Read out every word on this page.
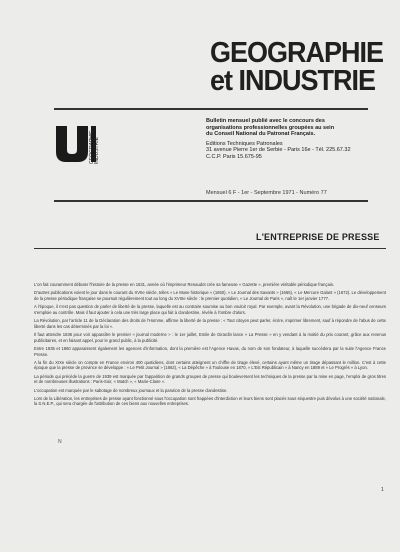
GEOGRAPHIE
et INDUSTRIE
GEOGRAPHIE INDUSTRIE
Bulletin mensuel publié avec le concours des
organisations professionnelles groupées au sein
du Conseil National du Patronat Français.
Editions Techniques Patronales
31 avenue Pierre 1er de Serbie - Paris 16e - Tél. 225.67.32
C.C.P. Paris 15.675-95
Mensuel 6 F - 1er - Septembre 1971 - Numéro 77
L'ENTREPRISE DE PRESSE

L'on fait couramment débuter l'histoire de la presse en 1631, année où l'imprimeur Renaudot crée sa fameuse « Gazette », première véritable périodique français.

D'autres publications voient le jour dans le courant du XVIIe siècle, telles « Le Muse historique » (1650), « Le Journal des Savants » (1665), « Le Mercure Galant » (1672). Le développement de la presse périodique française se poursuit régulièrement tout au long du XVIIIe siècle : le premier quotidien, « Le Journal de Paris », naît le 1er janvier 1777.

A l'époque, il n'est pas question de parler de liberté de la presse, laquelle est au contraire soumise au bon vouloir royal. Par exemple, avant la Révolution, une brigade de dix-neuf censeurs s'emploie au contrôle. Mais il faut ajouter à cela une très large place qui fait à clandestine, révèle à l'ombre d'alors.

La Révolution, par l'article 11 de la Déclaration des droits de l'Homme, affirme la liberté de la presse : « Tout citoyen peut parler, écrire, imprimer librement, sauf à répondre de l'abus de cette liberté dans les cas déterminés par la loi ».

Il faut attendre 1836 pour voir apparaître le premier « journal moderne » : le 1er juillet, Emile de Girardin lance « La Presse » en y vendant à la moitié du prix courant, grâce aux revenus publicitaires, et en faisant appel, pour le grand public, à la publicité.

Entre 1835 et 1860 apparaissent également les agences d'information, dont la première est l'Agence Havas, du nom de son fondateur, à laquelle succèdera par la suite l'Agence France Presse.

A la fin du XIXe siècle on compte en France environ 400 quotidiens, dont certains atteignent un chiffre de tirage élevé, certains ayant même un tirage dépassant le million. C'est à cette époque que la presse de province se développe : « Le Petit Journal » (1863), « La Dépêche » à Toulouse en 1870, « L'Est Républicain » à Nancy en 1889 et « Le Progrès » à Lyon.

La période qui précède la guerre de 1939 est marquée par l'apparition de grands groupes de presse qui bouleversent les techniques de la presse par la mise en page, l'emploi de gros titres et de nombreuses illustrations : Paris-Soir, « Match », « Marie-Claire ».

L'occupation est marquée par le sabotage de nombreux journaux et la parution de la presse clandestine.

Lors de la Libération, les entreprises de presse ayant fonctionné sous l'occupation sont frappées d'interdiction et leurs biens sont placés sous séquestre puis dévolus à une société nationale, la S.N.E.P., qui sera chargée de l'attribution de ces biens aux nouvelles entreprises.

N
1
